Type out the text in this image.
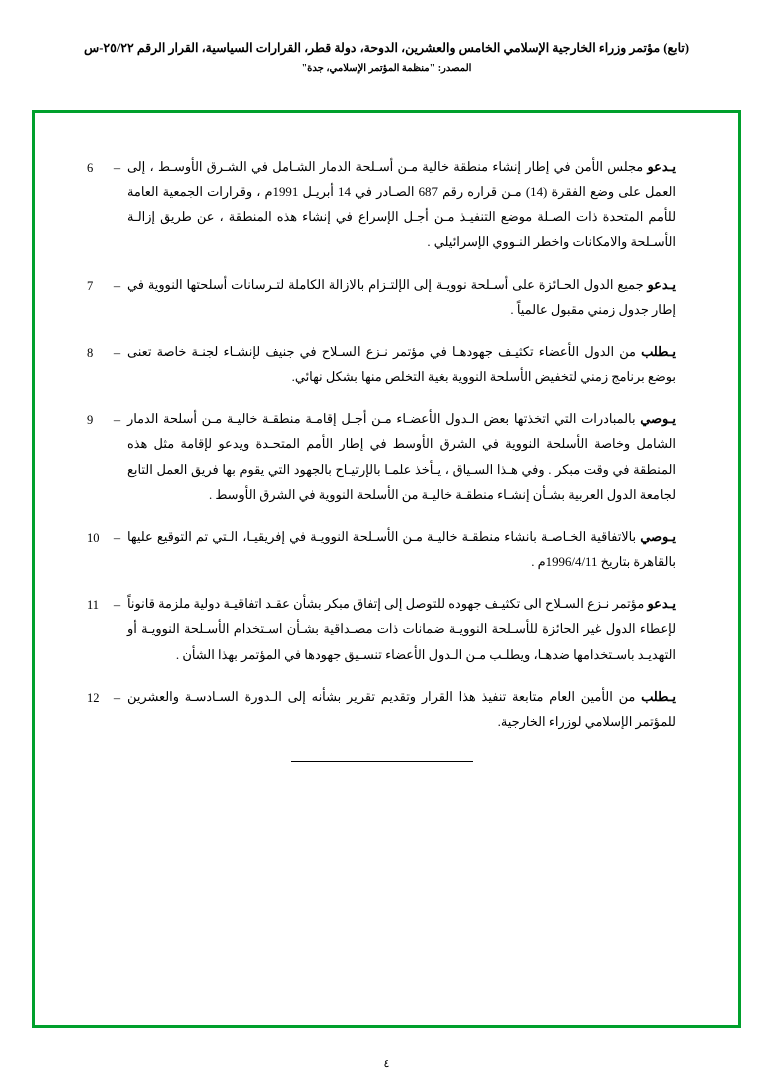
(تابع) مؤتمر وزراء الخارجية الإسلامي الخامس والعشرين، الدوحة، دولة قطر، القرارات السياسية، القرار الرقم ٢٥/٢٢-س
المصدر: "منظمة المؤتمر الإسلامي، جدة"
يـدعو مجلس الأمن في إطار إنشاء منطقة خالية مـن أسـلحة الدمار الشـامل في الشـرق الأوسـط ، إلى العمل على وضع الفقرة (14) مـن قراره رقم 687 الصـادر في 14 أبريـل 1991م ، وقرارات الجمعية العامة للأمم المتحدة ذات الصـلة موضع التنفيـذ مـن أجـل الإسراع في إنشاء هذه المنطقة ، عن طريق إزالـة الأسـلحة والامكانات واخطر النـووي الإسرائيلي .
–
6
يـدعو جميع الدول الحـائزة على أسـلحة نوويـة إلى الإلتـزام بالازالة الكاملة لتـرسانات أسلحتها النووية في إطار جدول زمني مقبول عالمياً .
–
7
يـطلب من الدول الأعضاء تكثيـف جهودهـا في مؤتمر نـزع السـلاح في جنيف لإنشـاء لجنـة خاصة تعنى بوضع برنامج زمني لتخفيض الأسلحة النووية بغية التخلص منها بشكل نهائي.
–
8
يـوصي بالمبادرات التي اتخذتها بعض الـدول الأعضـاء مـن أجـل إقامـة منطقـة خاليـة مـن أسلحة الدمار الشامل وخاصة الأسلحة النووية في الشرق الأوسط في إطار الأمم المتحـدة ويدعو لإقامة مثل هذه المنطقة في وقت مبكر . وفي هـذا السـياق ، يـأخذ علمـا بالإرتيـاح بالجهود التي يقوم بها فريق العمل التابع لجامعة الدول العربية بشـأن إنشـاء منطقـة خاليـة من الأسلحة النووية في الشرق الأوسط .
–
9
يـوصي بالاتفاقية الخـاصـة بانشاء منطقـة خاليـة مـن الأسـلحة النوويـة في إفريقيـا، الـتي تم التوقيع عليها بالقاهرة بتاريخ 1996/4/11م .
–
10
يـدعو مؤتمر نـزع السـلاح الى تكثيـف جهوده للتوصل إلى إتفاق مبكر بشأن عقـد اتفاقيـة دولية ملزمة قانوناً لإعطاء الدول غير الحائزة للأسـلحة النوويـة ضمانات ذات مصـداقية بشـأن اسـتخدام الأسـلحة النوويـة أو التهديـد باسـتخدامها ضدهـا، ويطلـب مـن الـدول الأعضاء تنسـيق جهودها في المؤتمر بهذا الشأن .
–
11
يـطلب من الأمين العام متابعة تنفيذ هذا القرار وتقديم تقرير بشأنه إلى الـدورة السـادسـة والعشرين للمؤتمر الإسلامي لوزراء الخارجية.
–
12
٤
